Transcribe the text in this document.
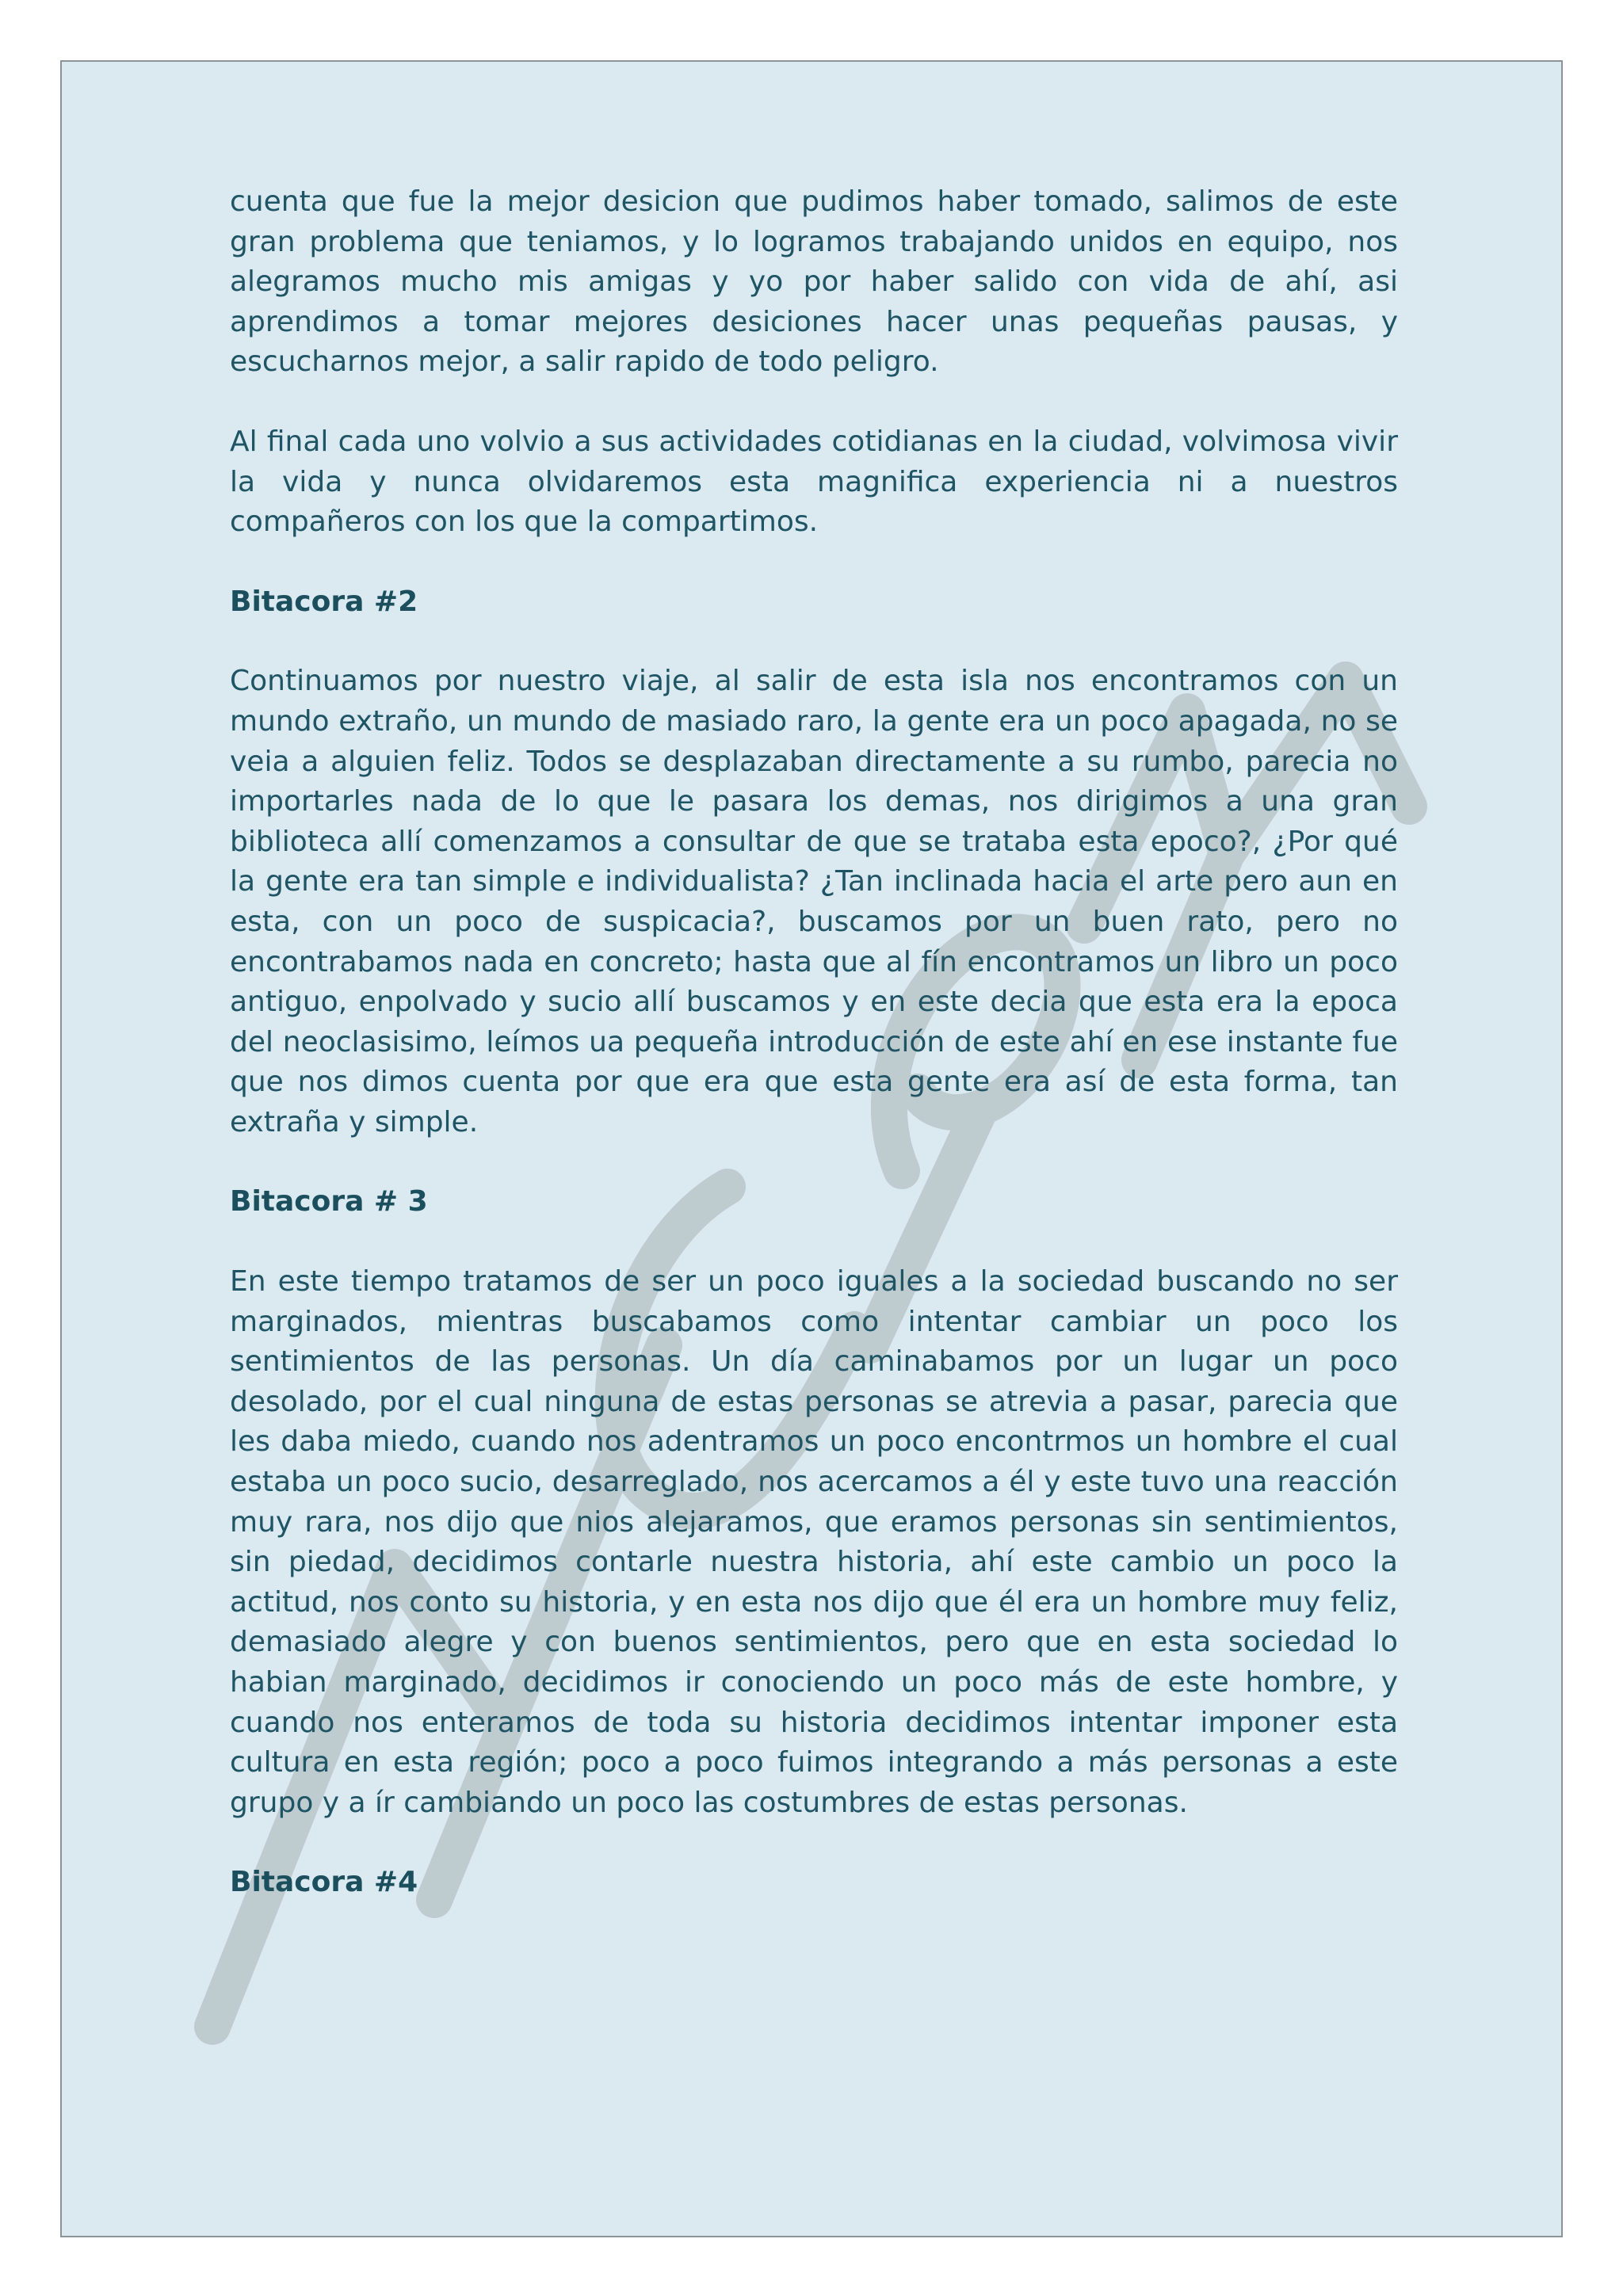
cuenta que fue la mejor desicion que pudimos haber tomado, salimos de este gran problema que teniamos, y lo logramos trabajando unidos en equipo, nos alegramos mucho mis amigas y yo por haber salido con vida de ahí, asi aprendimos a tomar mejores desiciones hacer unas pequeñas pausas, y escucharnos mejor, a salir rapido de todo peligro.

Al final cada uno volvio a sus actividades cotidianas en la ciudad, volvimosa vivir la vida y nunca olvidaremos esta magnifica experiencia ni a nuestros compañeros con los que la compartimos.

Bitacora #2

Continuamos por nuestro viaje, al salir de esta isla nos encontramos con un mundo extraño, un mundo de masiado raro, la gente era un poco apagada, no se veia a alguien feliz. Todos se desplazaban directamente a su rumbo, parecia no importarles nada de lo que le pasara los demas, nos dirigimos a una gran biblioteca allí comenzamos a consultar de que se trataba esta epoco?, ¿Por qué la gente era tan simple e individualista? ¿Tan inclinada hacia el arte pero aun en esta, con un poco de suspicacia?, buscamos por un buen rato, pero no encontrabamos nada en concreto; hasta que al fín encontramos un libro un poco antiguo, enpolvado y sucio allí buscamos y en este decia que esta era la epoca del neoclasisimo, leímos ua pequeña introducción de este ahí en ese instante fue que nos dimos cuenta por que era que esta gente era así de esta forma, tan extraña y simple.

Bitacora # 3

En este tiempo tratamos de ser un poco iguales a la sociedad buscando no ser marginados, mientras buscabamos como intentar cambiar un poco los sentimientos de las personas. Un día caminabamos por un lugar un poco desolado, por el cual ninguna de estas personas se atrevia a pasar, parecia que les daba miedo, cuando nos adentramos un poco encontrmos un hombre el cual estaba un poco sucio, desarreglado, nos acercamos a él y este tuvo una reacción muy rara, nos dijo que nios alejaramos, que eramos personas sin sentimientos, sin piedad, decidimos contarle nuestra historia, ahí este cambio un poco la actitud, nos conto su historia, y en esta nos dijo que él era un hombre muy feliz, demasiado alegre y con buenos sentimientos, pero que en esta sociedad lo habian marginado, decidimos ir conociendo un poco más de este hombre, y cuando nos enteramos de toda su historia decidimos intentar imponer esta cultura en esta región; poco a poco fuimos integrando a más personas a este grupo y a ír cambiando un poco las costumbres de estas personas.

Bitacora #4
